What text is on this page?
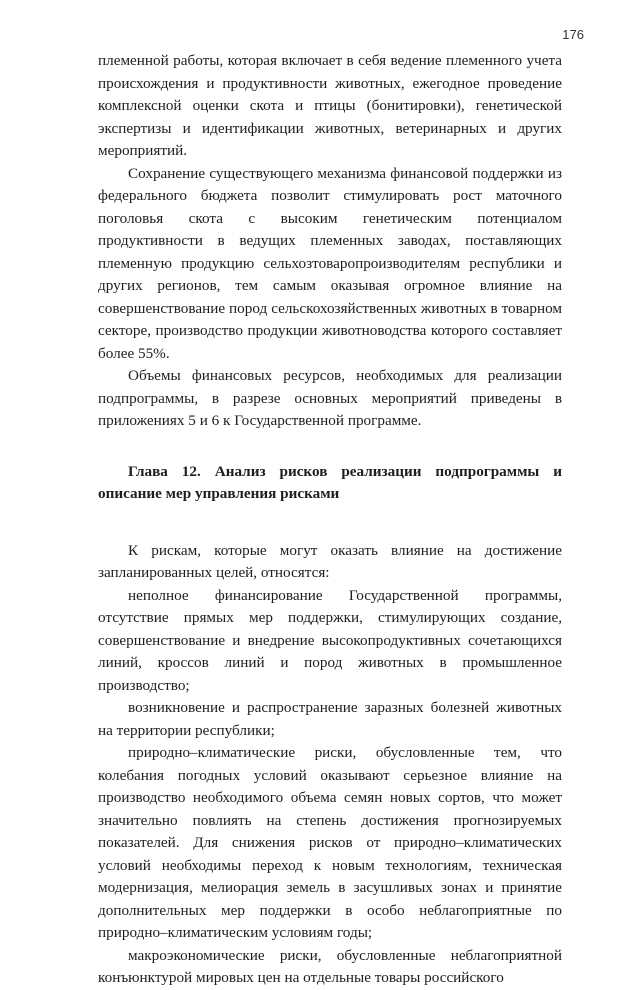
176

племенной работы, которая включает в себя ведение племенного учета происхождения и продуктивности животных, ежегодное проведение комплексной оценки скота и птицы (бонитировки), генетической экспертизы и идентификации животных, ветеринарных и других мероприятий.

Сохранение существующего механизма финансовой поддержки из федерального бюджета позволит стимулировать рост маточного поголовья скота с высоким генетическим потенциалом продуктивности в ведущих племенных заводах, поставляющих племенную продукцию сельхозтоваропроизводителям республики и других регионов, тем самым оказывая огромное влияние на совершенствование пород сельскохозяйственных животных в товарном секторе, производство продукции животноводства которого составляет более 55%.

Объемы финансовых ресурсов, необходимых для реализации подпрограммы, в разрезе основных мероприятий приведены в приложениях 5 и 6 к Государственной программе.

Глава 12. Анализ рисков реализации подпрограммы и описание мер управления рисками

К рискам, которые могут оказать влияние на достижение запланированных целей, относятся:

неполное финансирование Государственной программы, отсутствие прямых мер поддержки, стимулирующих создание, совершенствование и внедрение высокопродуктивных сочетающихся линий, кроссов линий и пород животных в промышленное производство;

возникновение и распространение заразных болезней животных на территории республики;

природно–климатические риски, обусловленные тем, что колебания погодных условий оказывают серьезное влияние на производство необходимого объема семян новых сортов, что может значительно повлиять на степень достижения прогнозируемых показателей. Для снижения рисков от природно–климатических условий необходимы переход к новым технологиям, техническая модернизация, мелиорация земель в засушливых зонах и принятие дополнительных мер поддержки в особо неблагоприятные по природно–климатическим условиям годы;

макроэкономические риски, обусловленные неблагоприятной конъюнктурой мировых цен на отдельные товары российского
